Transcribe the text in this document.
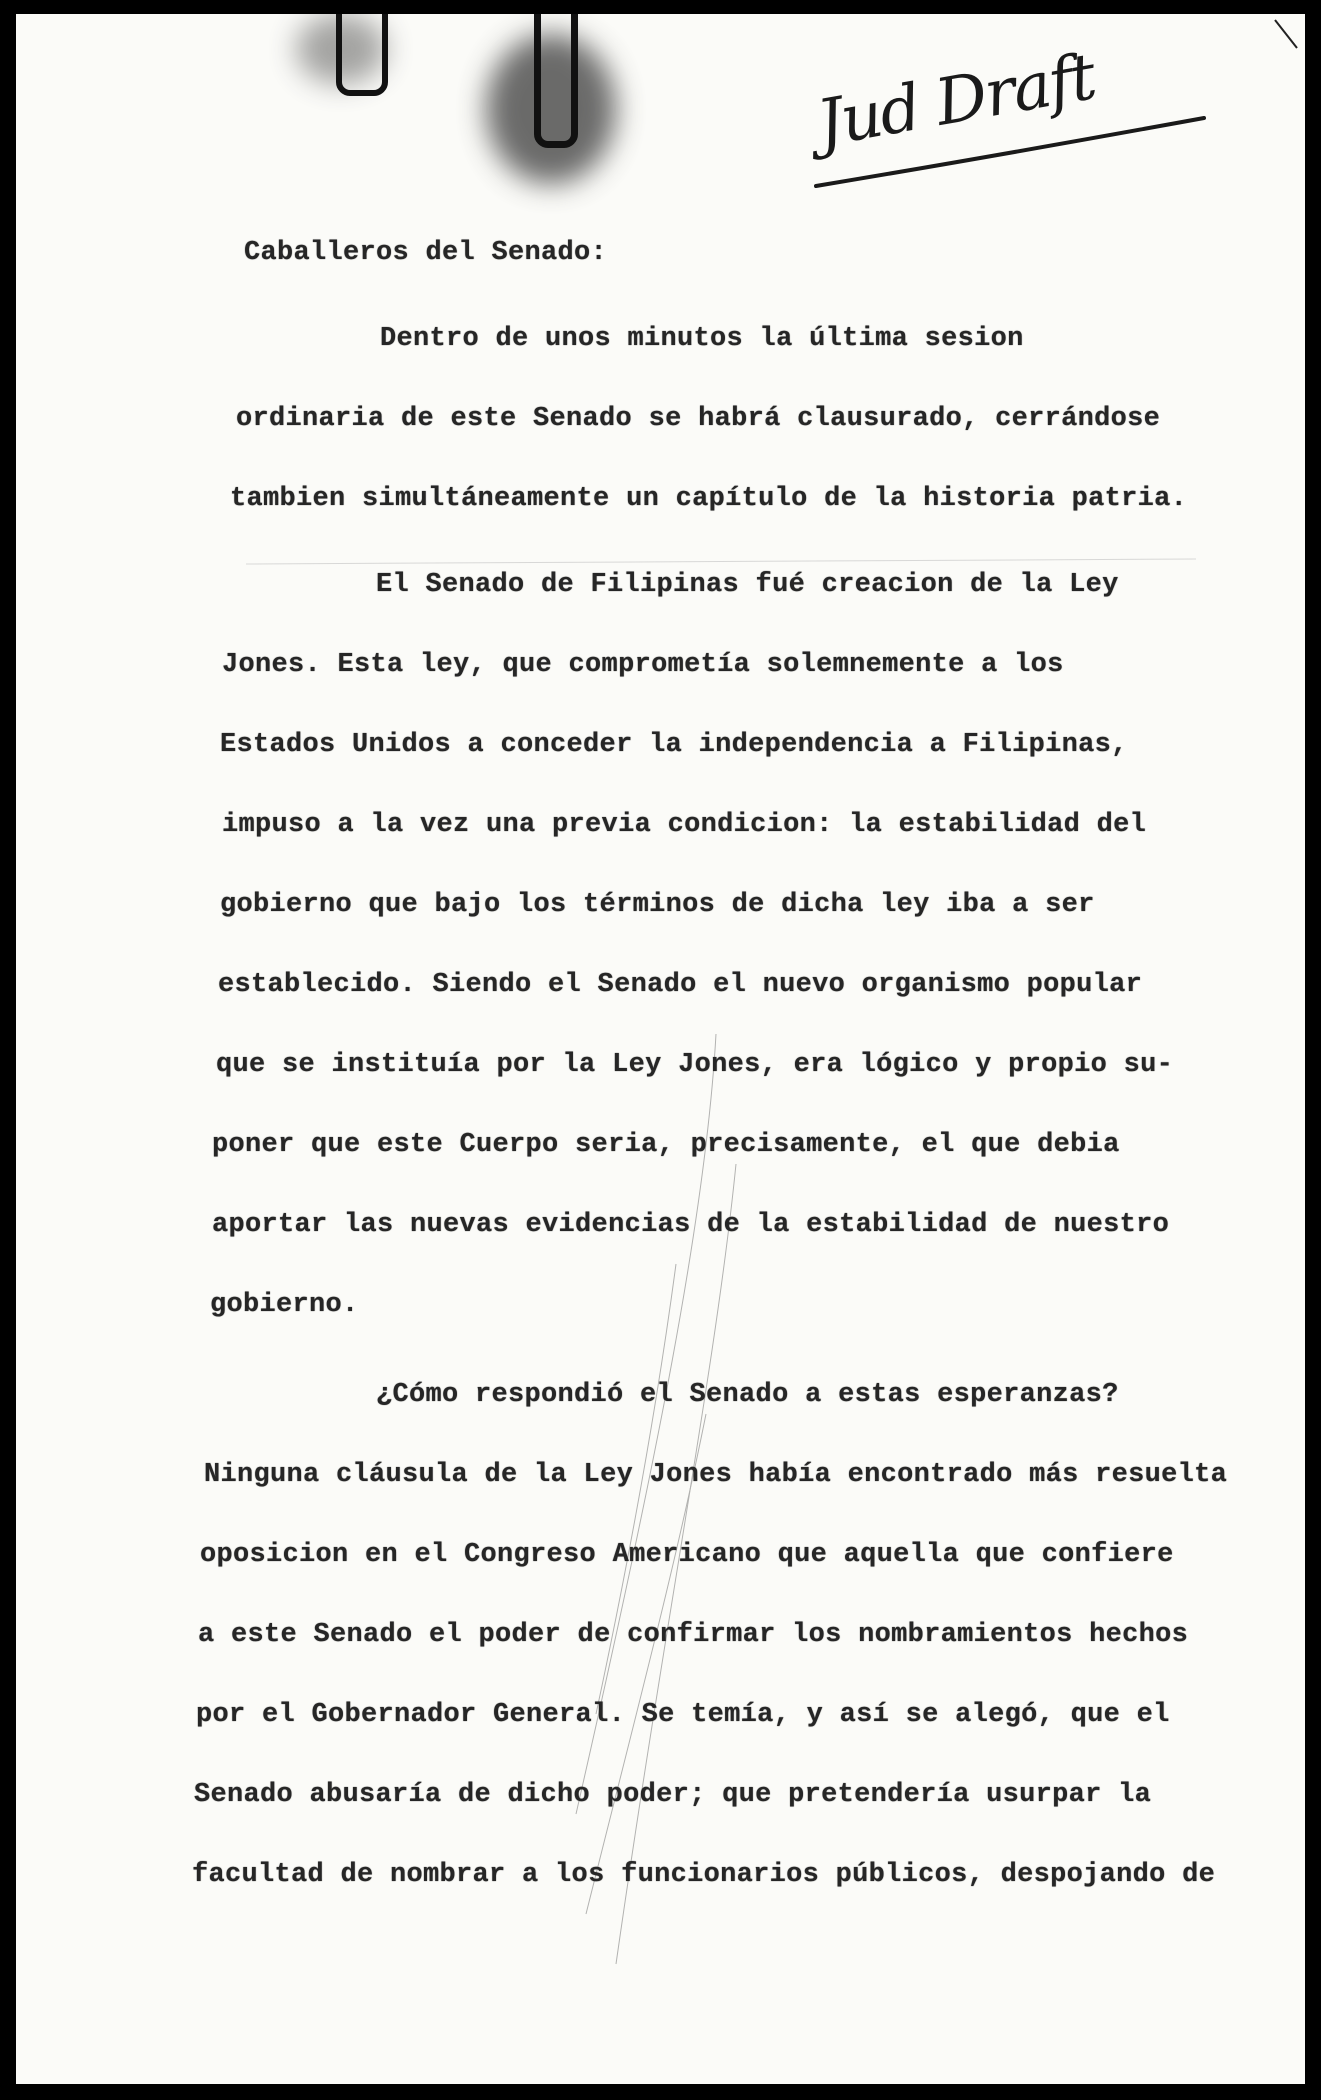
Jud Draft
Caballeros del Senado:
Dentro de unos minutos la última sesion
ordinaria de este Senado se habrá clausurado, cerrándose
tambien simultáneamente un capítulo de la historia patria.
El Senado de Filipinas fué creacion de la Ley
Jones. Esta ley, que comprometía solemnemente a los
Estados Unidos a conceder la independencia a Filipinas,
impuso a la vez una previa condicion: la estabilidad del
gobierno que bajo los términos de dicha ley iba a ser
establecido. Siendo el Senado el nuevo organismo popular
que se instituía por la Ley Jones, era lógico y propio su-
poner que este Cuerpo seria, precisamente, el que debia
aportar las nuevas evidencias de la estabilidad de nuestro
gobierno.
¿Cómo respondió el Senado a estas esperanzas?
Ninguna cláusula de la Ley Jones había encontrado más resuelta
oposicion en el Congreso Americano que aquella que confiere
a este Senado el poder de confirmar los nombramientos hechos
por el Gobernador General. Se temía, y así se alegó, que el
Senado abusaría de dicho poder; que pretendería usurpar la
facultad de nombrar a los funcionarios públicos, despojando de
